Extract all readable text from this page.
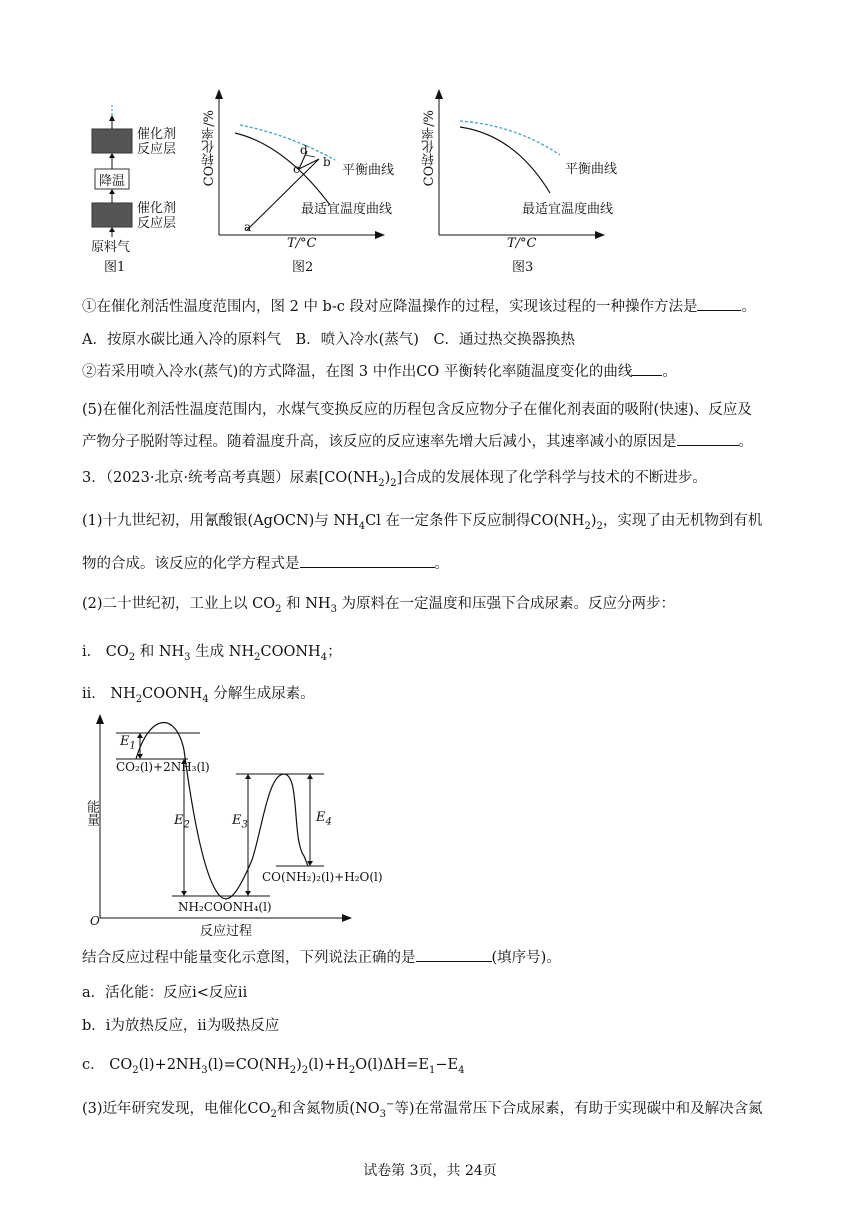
催化剂
反应层
降温
催化剂
反应层
原料气
图1
CO转化率/%	d
b
c
a
平衡曲线
最适宜温度曲线
T/°C
图2
CO转化率/%	平衡曲线
最适宜温度曲线
T/°C
图3
①在催化剂活性温度范围内，图 2 中 b-c 段对应降温操作的过程，实现该过程的一种操作方法是	。
A．按原水碳比通入冷的原料气　B．喷入冷水(蒸气)　C．通过热交换器换热
②若采用喷入冷水(蒸气)的方式降温，在图 3 中作出CO 平衡转化率随温度变化的曲线 。
(5)在催化剂活性温度范围内，水煤气变换反应的历程包含反应物分子在催化剂表面的吸附(快速)、反应及
产物分子脱附等过程。随着温度升高，该反应的反应速率先增大后减小，其速率减小的原因是	。
3．（2023·北京·统考高考真题）尿素$[CO(NH_2)_2]$合成的发展体现了化学科学与技术的不断进步。
(1)十九世纪初，用氰酸银(AgOCN)与 $NH_4Cl$ 在一定条件下反应制得$CO(NH_2)_2$，实现了由无机物到有机
物的合成。该反应的化学方程式是	。
(2)二十世纪初，工业上以 $CO_2$ 和 $NH_3$ 为原料在一定温度和压强下合成尿素。反应分两步：
i． $CO_2$ 和 $NH_3$ 生成 $NH_2COONH_4$；
ii． $NH_2COONH_4$ 分解生成尿素。
能量
$E_1$
$E_2$	$E_3$
$E_4$
CO₂(l)+2NH₃(l)
CO(NH₂)₂(l)+H₂O(l)
NH₂COONH₄(l)
O
反应过程
结合反应过程中能量变化示意图，下列说法正确的是	(填序号)。
a．活化能：反应i<反应ii
b．i为放热反应，ii为吸热反应
c． $CO_2(l)+2NH_3(l)=CO(NH_2)_2(l)+H_2O(l)\Delta H=E_1-E_4$
(3)近年研究发现，电催化$CO_2$和含氮物质($NO_3^-$等)在常温常压下合成尿素，有助于实现碳中和及解决含氮
试卷第 3页，共 24页
